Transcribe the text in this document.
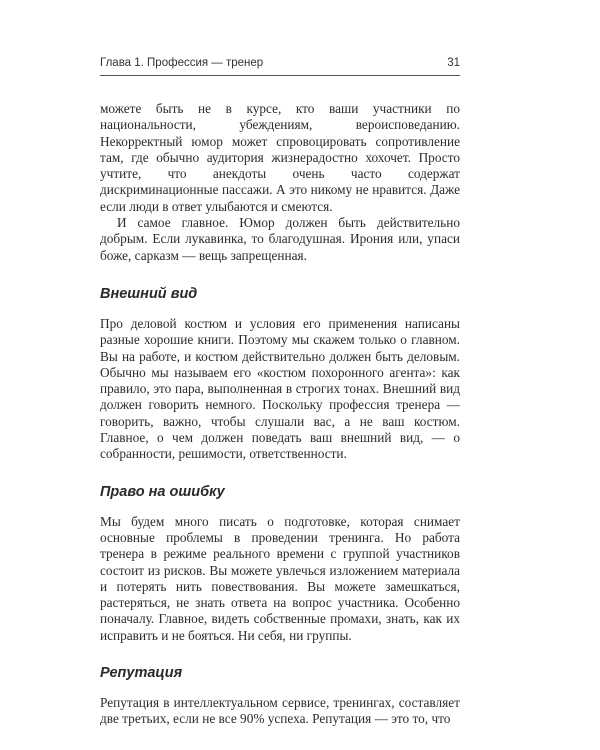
Глава 1. Профессия — тренер	31

можете быть не в курсе, кто ваши участники по национальности, убеждениям, вероисповеданию. Некорректный юмор может спровоцировать сопротивление там, где обычно аудитория жизнерадостно хохочет. Просто учтите, что анекдоты очень часто содержат дискриминационные пассажи. А это никому не нравится. Даже если люди в ответ улыбаются и смеются.

И самое главное. Юмор должен быть действительно добрым. Если лукавинка, то благодушная. Ирония или, упаси боже, сарказм — вещь запрещенная.

Внешний вид

Про деловой костюм и условия его применения написаны разные хорошие книги. Поэтому мы скажем только о главном. Вы на работе, и костюм действительно должен быть деловым. Обычно мы называем его «костюм похоронного агента»: как правило, это пара, выполненная в строгих тонах. Внешний вид должен говорить немного. Поскольку профессия тренера — говорить, важно, чтобы слушали вас, а не ваш костюм. Главное, о чем должен поведать ваш внешний вид, — о собранности, решимости, ответственности.

Право на ошибку

Мы будем много писать о подготовке, которая снимает основные проблемы в проведении тренинга. Но работа тренера в режиме реального времени с группой участников состоит из рисков. Вы можете увлечься изложением материала и потерять нить повествования. Вы можете замешкаться, растеряться, не знать ответа на вопрос участника. Особенно поначалу. Главное, видеть собственные промахи, знать, как их исправить и не бояться. Ни себя, ни группы.

Репутация

Репутация в интеллектуальном сервисе, тренингах, составляет две третьих, если не все 90% успеха. Репутация — это то, что
